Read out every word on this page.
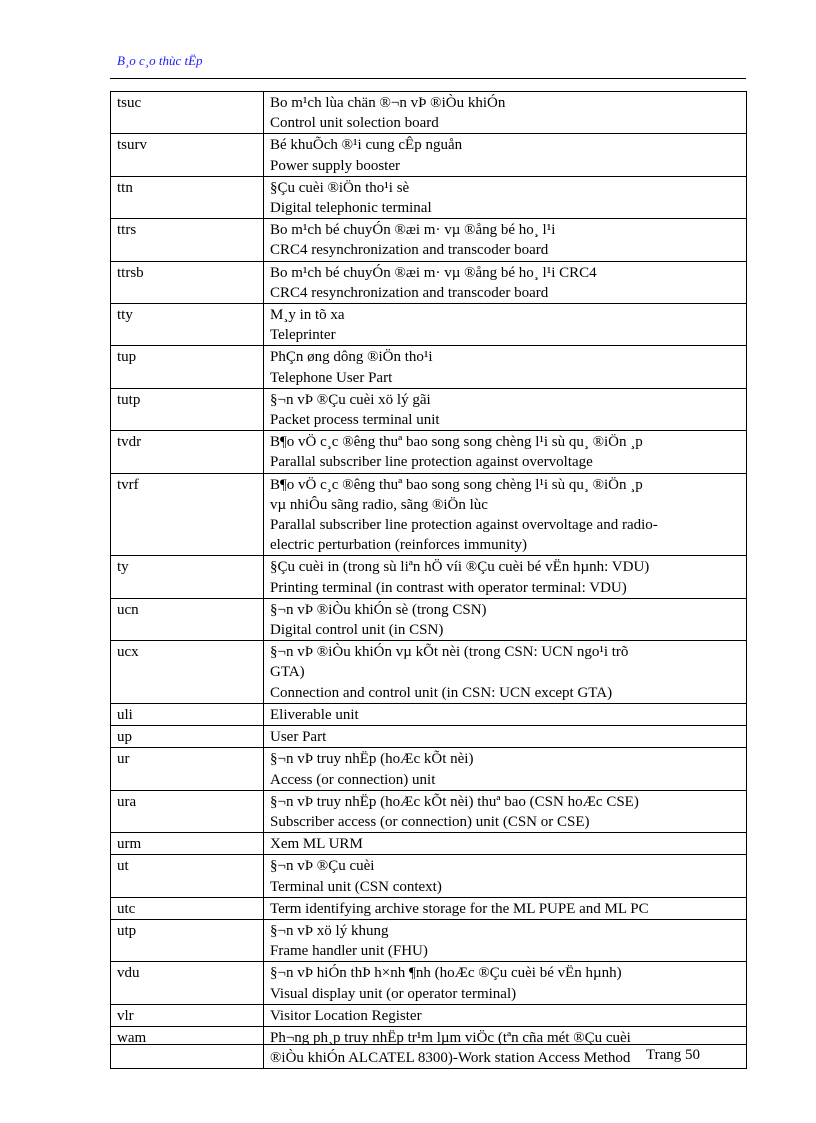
B¸o c¸o thùc tËp
tsuc	Bo m¹ch lùa chän ®¬n vÞ ®iÒu khiÓn
Control unit solection board

tsurv	Bé khuÕch ®¹i cung cÊp nguån
Power supply booster

ttn	§Çu cuèi ®iÖn tho¹i sè
Digital telephonic terminal

ttrs	Bo m¹ch bé chuyÓn ®æi m· vµ ®ång bé ho¸ l¹i
CRC4 resynchronization and transcoder board

ttrsb	Bo m¹ch bé chuyÓn ®æi m· vµ ®ång bé ho¸ l¹i CRC4
CRC4 resynchronization and transcoder board

tty	M¸y in tõ xa
Teleprinter

tup	PhÇn øng dông ®iÖn tho¹i
Telephone User Part

tutp	§¬n vÞ ®Çu cuèi xö lý gãi
Packet process terminal unit

tvdr	B¶o vÖ c¸c ®êng thuª bao song song chèng l¹i sù qu¸ ®iÖn ¸p
Parallal subscriber line protection against overvoltage

tvrf	B¶o vÖ c¸c ®êng thuª bao song song chèng l¹i sù qu¸ ®iÖn ¸p
vµ nhiÔu sãng radio, sãng ®iÖn lùc
Parallal subscriber line protection against overvoltage and radio-
electric perturbation (reinforces immunity)

ty	§Çu cuèi in (trong sù liªn hÖ víi ®Çu cuèi bé vËn hµnh: VDU)
Printing terminal (in contrast with operator terminal: VDU)

ucn	§¬n vÞ ®iÒu khiÓn sè (trong CSN)
Digital control unit (in CSN)

ucx	§¬n vÞ ®iÒu khiÓn vµ kÕt nèi (trong CSN: UCN ngo¹i trõ
GTA)
Connection and control unit (in CSN: UCN except GTA)

uli	Eliverable unit

up	User Part

ur	§¬n vÞ truy nhËp (hoÆc kÕt nèi)
Access (or connection) unit

ura	§¬n vÞ truy nhËp (hoÆc kÕt nèi) thuª bao (CSN hoÆc CSE)
Subscriber access (or connection) unit (CSN or CSE)

urm	Xem ML URM

ut	§¬n vÞ ®Çu cuèi
Terminal unit (CSN context)

utc	Term identifying archive storage for the ML PUPE and ML PC

utp	§¬n vÞ xö lý khung
Frame handler unit (FHU)

vdu	§¬n vÞ hiÓn thÞ h×nh ¶nh (hoÆc ®Çu cuèi bé vËn hµnh)
Visual display unit (or operator terminal)

vlr	Visitor Location Register

wam	Ph¬ng ph¸p truy nhËp tr¹m lµm viÖc (tªn cña mét ®Çu cuèi
®iÒu khiÓn ALCATEL 8300)-Work station Access Method	Trang 50
